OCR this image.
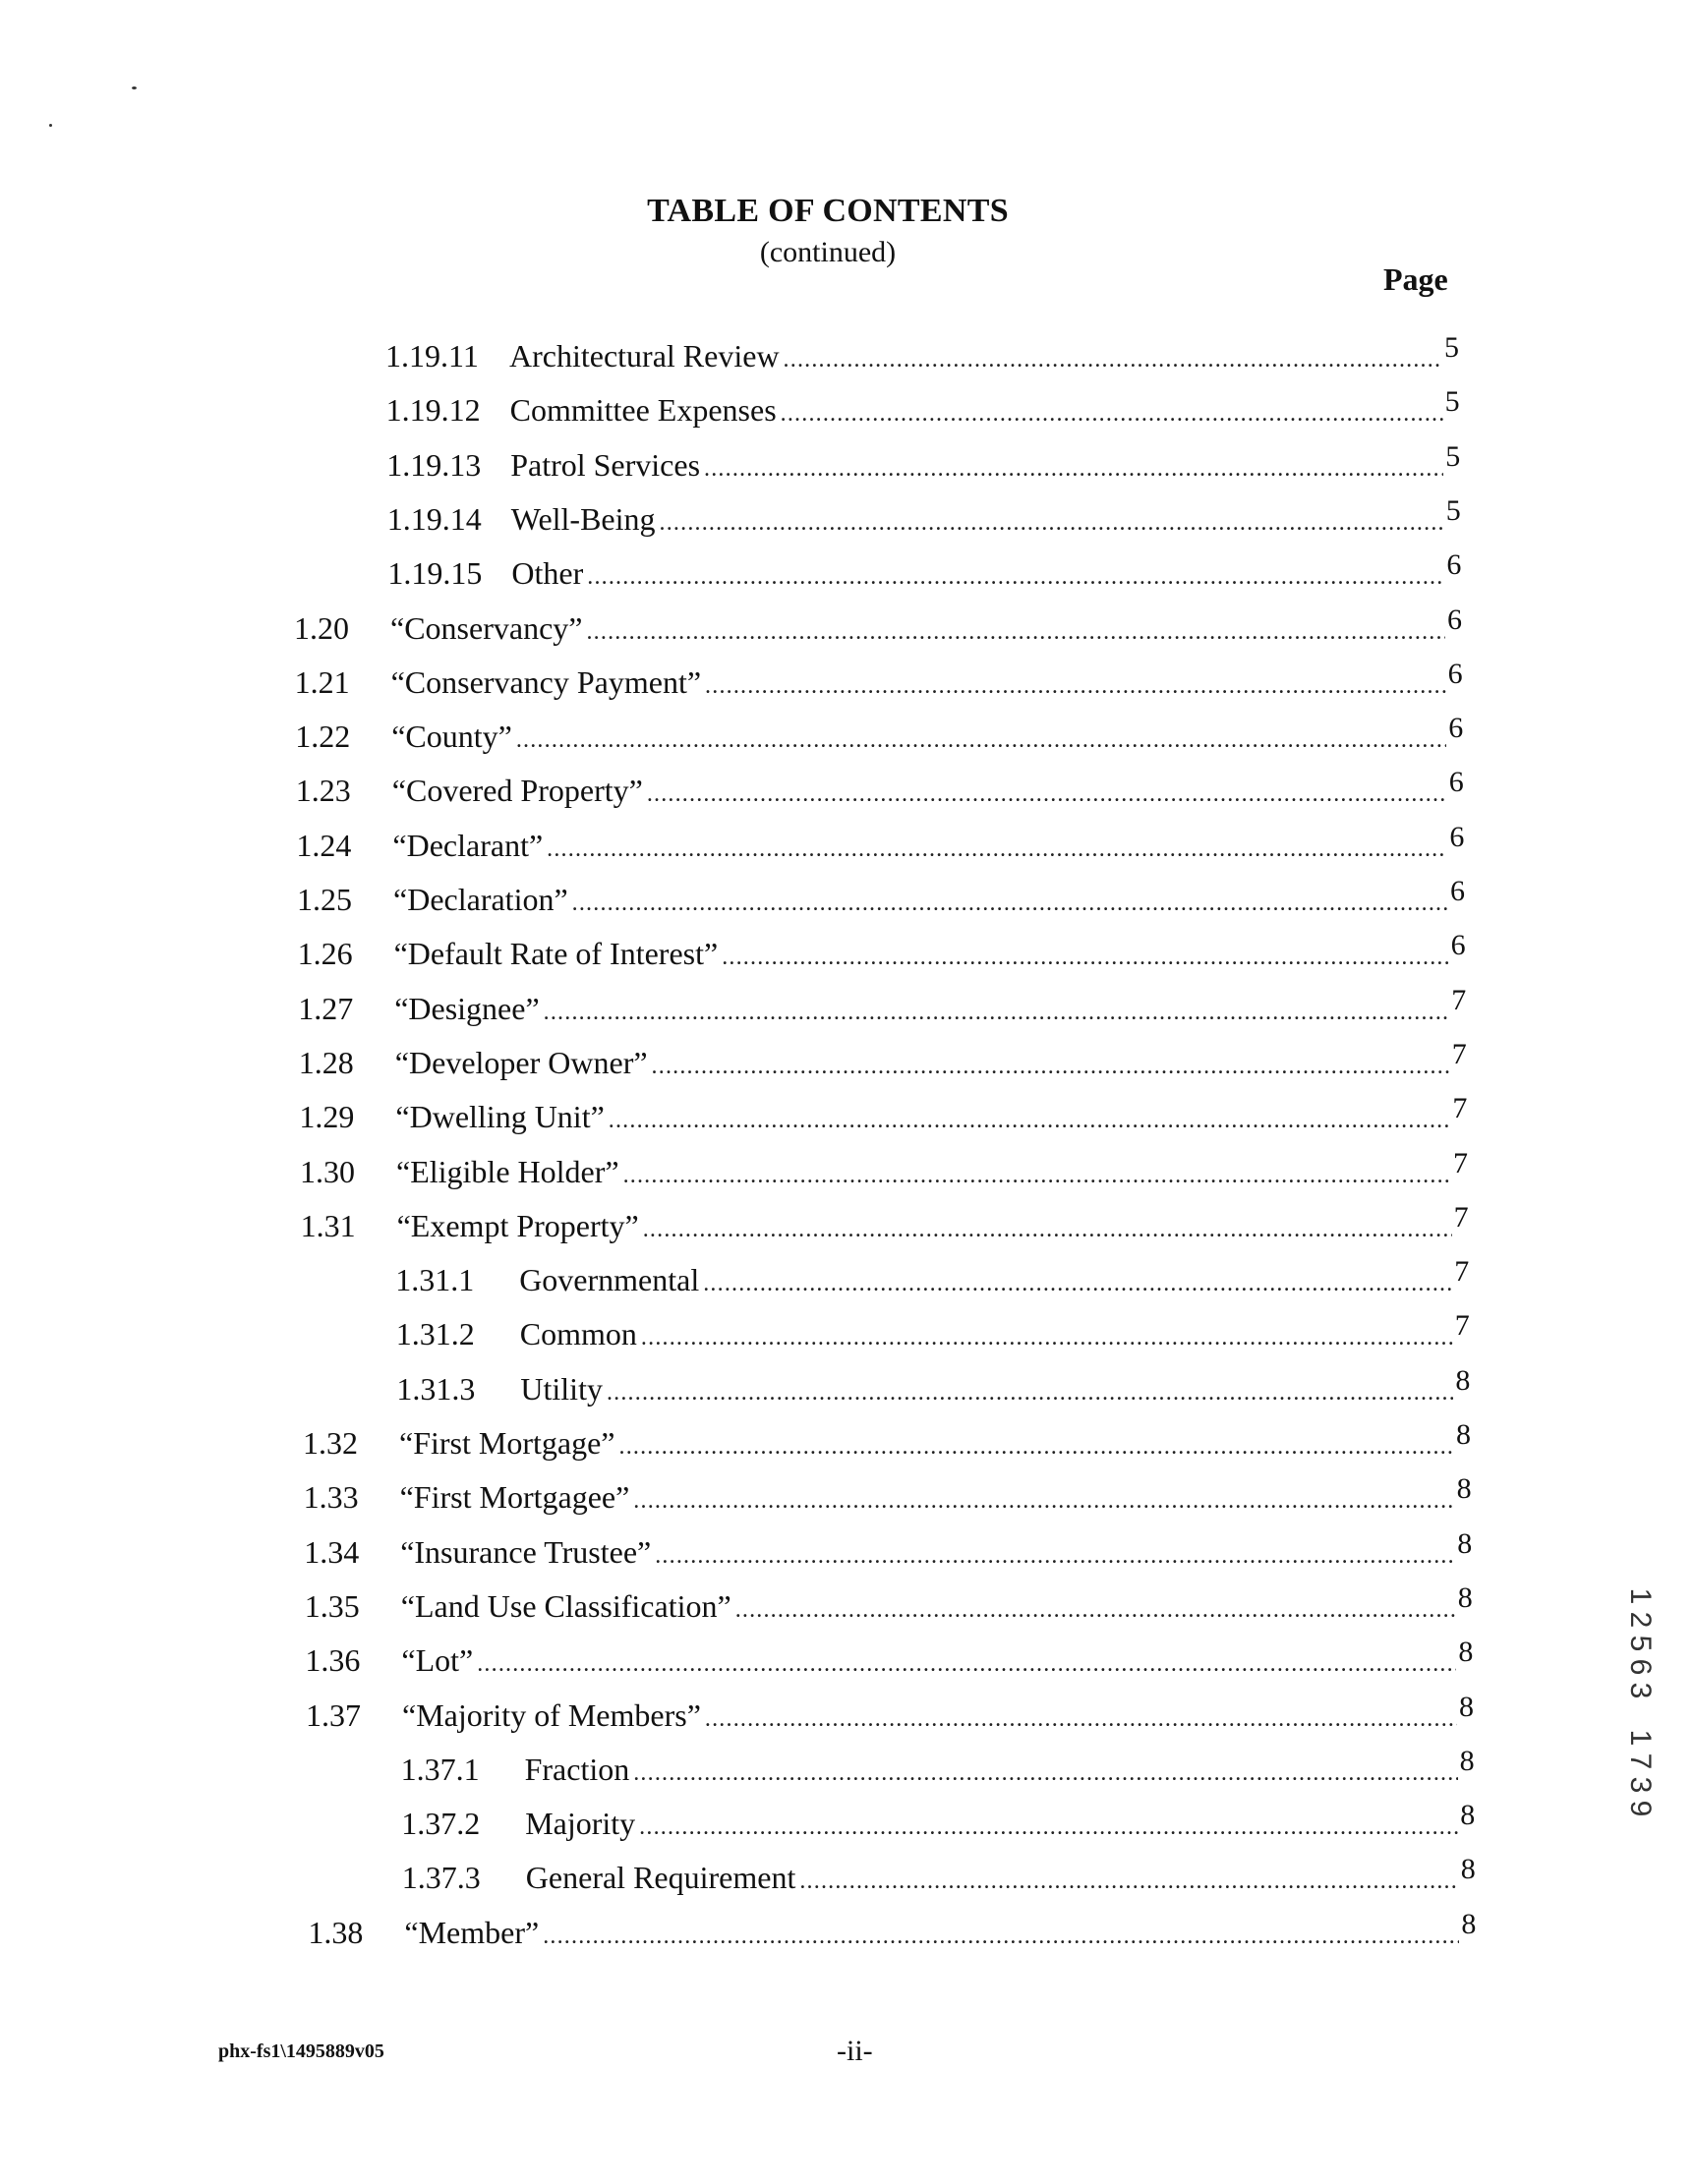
TABLE OF CONTENTS
(continued)
Page
1.19.11 Architectural Review .....	5
1.19.12 Committee Expenses .....	5
1.19.13 Patrol Services .....	5
1.19.14 Well-Being .....	5
1.19.15 Other .....	6
1.20 “Conservancy” .....	6
1.21 “Conservancy Payment” .....	6
1.22 “County” .....	6
1.23 “Covered Property” .....	6
1.24 “Declarant” .....	6
1.25 “Declaration” .....	6
1.26 “Default Rate of Interest” .....	6
1.27 “Designee” .....	7
1.28 “Developer Owner” .....	7
1.29 “Dwelling Unit” .....	7
1.30 “Eligible Holder” .....	7
1.31 “Exempt Property” .....	7
1.31.1 Governmental .....	7
1.31.2 Common .....	7
1.31.3 Utility .....	8
1.32 “First Mortgage” .....	8
1.33 “First Mortgagee” .....	8
1.34 “Insurance Trustee” .....	8
1.35 “Land Use Classification” .....	8
1.36 “Lot” .....	8
1.37 “Majority of Members” .....	8
1.37.1 Fraction .....	8
1.37.2 Majority .....	8
1.37.3 General Requirement .....	8
1.38 “Member” .....	8
phx-fs1\1495889v05	-ii-
1
2
5
6
3

1
7
3
9
